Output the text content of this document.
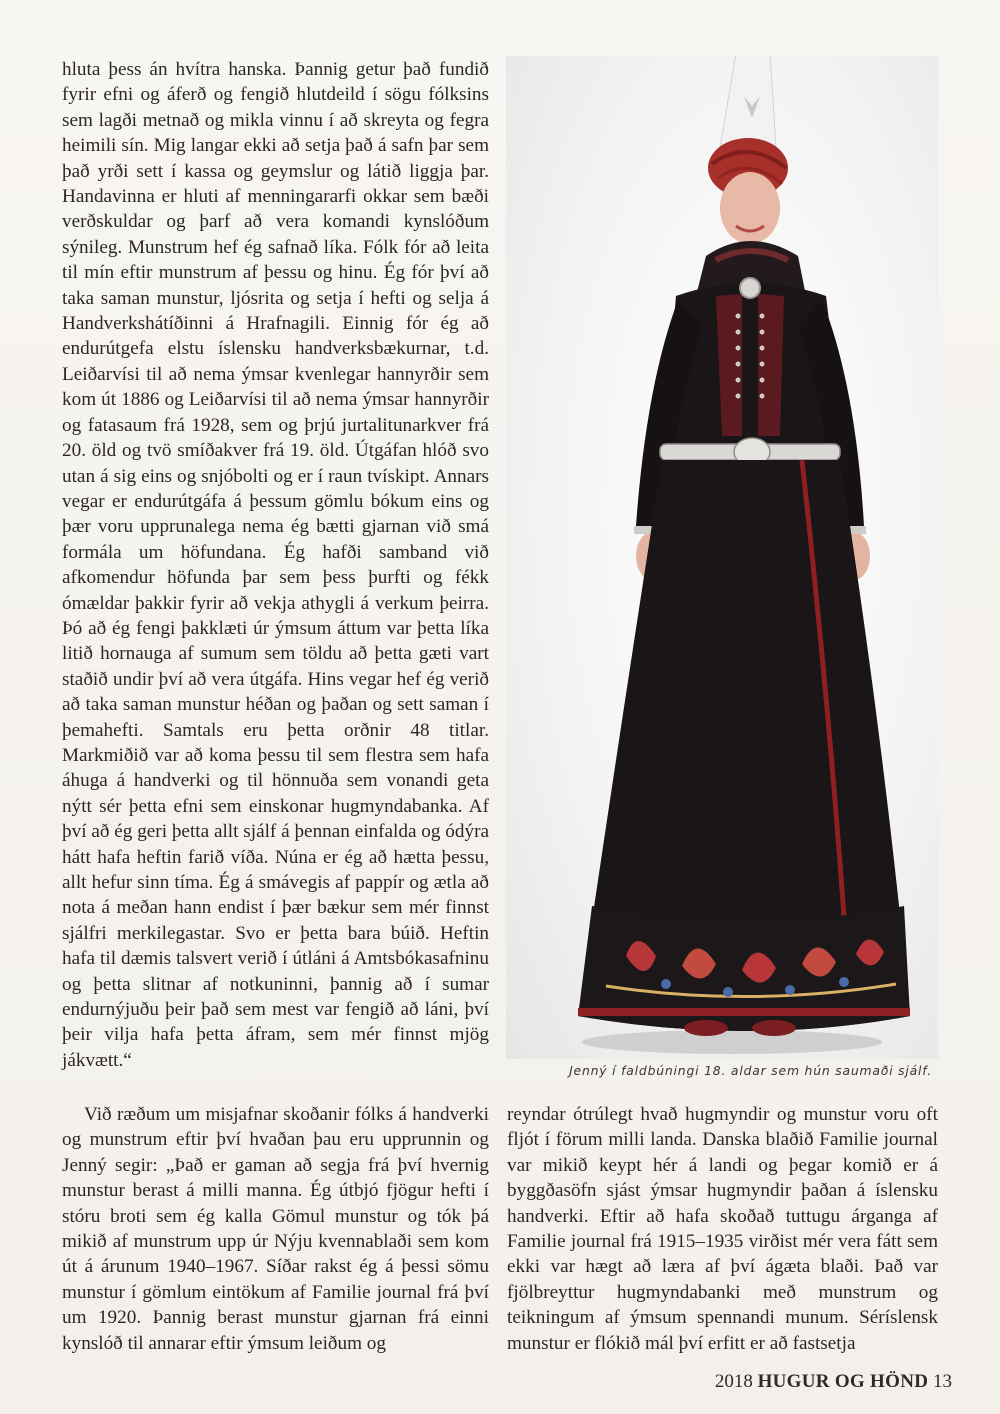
hluta þess án hvítra hanska. Þannig getur það fundið fyrir efni og áferð og fengið hlutdeild í sögu fólksins sem lagði metnað og mikla vinnu í að skreyta og fegra heimili sín. Mig langar ekki að setja það á safn þar sem það yrði sett í kassa og geymslur og látið liggja þar. Handavinna er hluti af menningararfi okkar sem bæði verðskuldar og þarf að vera komandi kynslóðum sýnileg. Munstrum hef ég safnað líka. Fólk fór að leita til mín eftir munstrum af þessu og hinu. Ég fór því að taka saman munstur, ljósrita og setja í hefti og selja á Handverkshátíðinni á Hrafnagili. Einnig fór ég að endurútgefa elstu íslensku handverksbækurnar, t.d. Leiðarvísi til að nema ýmsar kvenlegar hannyrðir sem kom út 1886 og Leiðarvísi til að nema ýmsar hannyrðir og fatasaum frá 1928, sem og þrjú jurtalitunarkver frá 20. öld og tvö smíðakver frá 19. öld. Útgáfan hlóð svo utan á sig eins og snjóbolti og er í raun tvískipt. Annars vegar er endurútgáfa á þessum gömlu bókum eins og þær voru upprunalega nema ég bætti gjarnan við smá formála um höfundana. Ég hafði samband við afkomendur höfunda þar sem þess þurfti og fékk ómældar þakkir fyrir að vekja athygli á verkum þeirra. Þó að ég fengi þakklæti úr ýmsum áttum var þetta líka litið hornauga af sumum sem töldu að þetta gæti vart staðið undir því að vera útgáfa. Hins vegar hef ég verið að taka saman munstur héðan og þaðan og sett saman í þemahefti. Samtals eru þetta orðnir 48 titlar. Markmiðið var að koma þessu til sem flestra sem hafa áhuga á handverki og til hönnuða sem vonandi geta nýtt sér þetta efni sem einskonar hugmyndabanka. Af því að ég geri þetta allt sjálf á þennan einfalda og ódýra hátt hafa heftin farið víða. Núna er ég að hætta þessu, allt hefur sinn tíma. Ég á smávegis af pappír og ætla að nota á meðan hann endist í þær bækur sem mér finnst sjálfri merkilegastar. Svo er þetta bara búið. Heftin hafa til dæmis talsvert verið í útláni á Amtsbókasafninu og þetta slitnar af notkuninni, þannig að í sumar endurnýjuðu þeir það sem mest var fengið að láni, því þeir vilja hafa þetta áfram, sem mér finnst mjög jákvætt.“	Jenný í faldbúningi 18. aldar sem hún saumaði sjálf.

Við ræðum um misjafnar skoðanir fólks á handverki og munstrum eftir því hvaðan þau eru upprunnin og Jenný segir: „Það er gaman að segja frá því hvernig munstur berast á milli manna. Ég útbjó fjögur hefti í stóru broti sem ég kalla Gömul munstur og tók þá mikið af munstrum upp úr Nýju kvennablaði sem kom út á árunum 1940–1967. Síðar rakst ég á þessi sömu munstur í gömlum eintökum af Familie journal frá því um 1920. Þannig berast munstur gjarnan frá einni kynslóð til annarar eftir ýmsum leiðum og

reyndar ótrúlegt hvað hugmyndir og munstur voru oft fljót í förum milli landa. Danska blaðið Familie journal var mikið keypt hér á landi og þegar komið er á byggðasöfn sjást ýmsar hugmyndir þaðan á íslensku handverki. Eftir að hafa skoðað tuttugu árganga af Familie journal frá 1915–1935 virðist mér vera fátt sem ekki var hægt að læra af því ágæta blaði. Það var fjölbreyttur hugmyndabanki með munstrum og teikningum af ýmsum spennandi munum. Séríslensk munstur er flókið mál því erfitt er að fastsetja

2018 HUGUR OG HÖND 13
